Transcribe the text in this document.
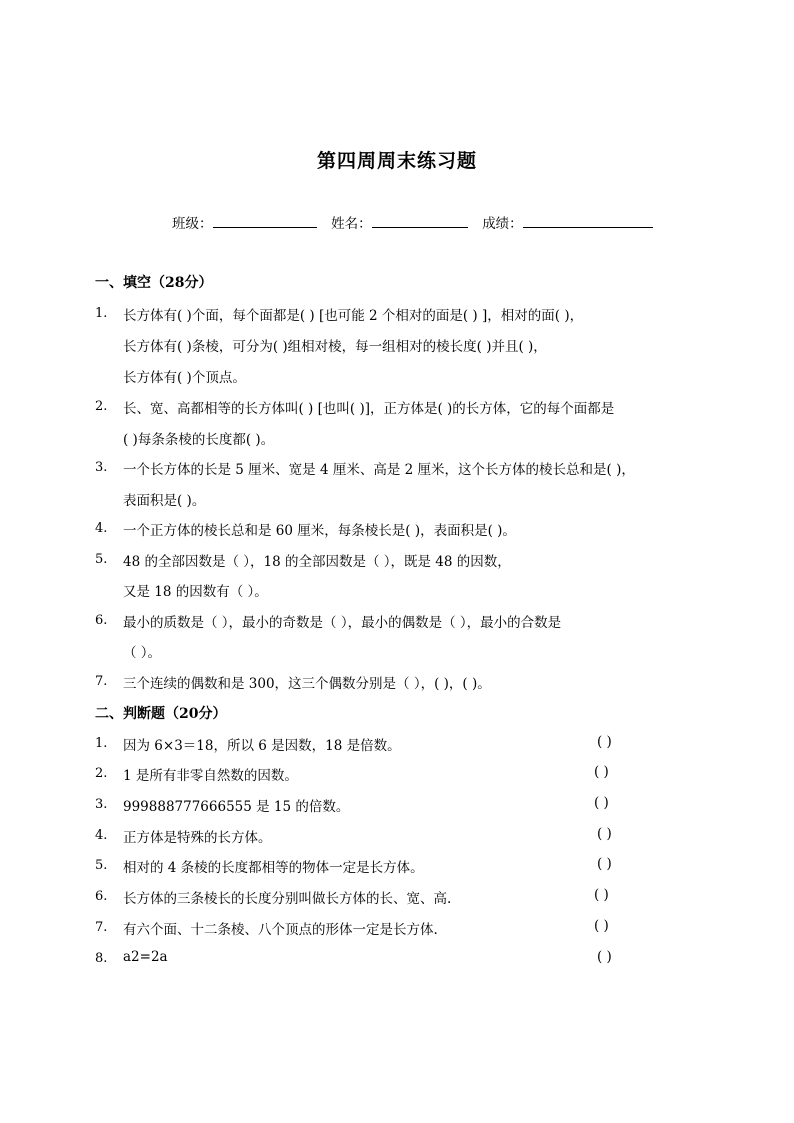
第四周周末练习题
班级：	姓名：	成绩：
一、填空（28分）
1. 长方体有( )个面，每个面都是( ) [也可能 2 个相对的面是( ) ]，相对的面( )，
长方体有( )条棱，可分为( )组相对棱，每一组相对的棱长度( )并且( )，
长方体有( )个顶点。
2. 长、宽、高都相等的长方体叫( ) [也叫( )]，正方体是( )的长方体，它的每个面都是
( )每条条棱的长度都( )。
3. 一个长方体的长是 5 厘米、宽是 4 厘米、高是 2 厘米，这个长方体的棱长总和是( )，
表面积是( )。
4. 一个正方体的棱长总和是 60 厘米，每条棱长是( )，表面积是( )。
5. 48 的全部因数是（ ），18 的全部因数是（ ），既是 48 的因数，
又是 18 的因数有（ ）。
6. 最小的质数是（ ），最小的奇数是（ ），最小的偶数是（ ），最小的合数是
（ ）。
7. 三个连续的偶数和是 300，这三个偶数分别是（ ），( )，( )。
二、判断题（20分）
1. 因为 6×3＝18，所以 6 是因数，18 是倍数。	( )
2. 1 是所有非零自然数的因数。	( )
3. 999888777666555 是 15 的倍数。	( )
4. 正方体是特殊的长方体。	( )
5. 相对的 4 条棱的长度都相等的物体一定是长方体。	( )
6. 长方体的三条棱长的长度分别叫做长方体的长、宽、高.	( )
7. 有六个面、十二条棱、八个顶点的形体一定是长方体.	( )
8. a2=2a	( )
